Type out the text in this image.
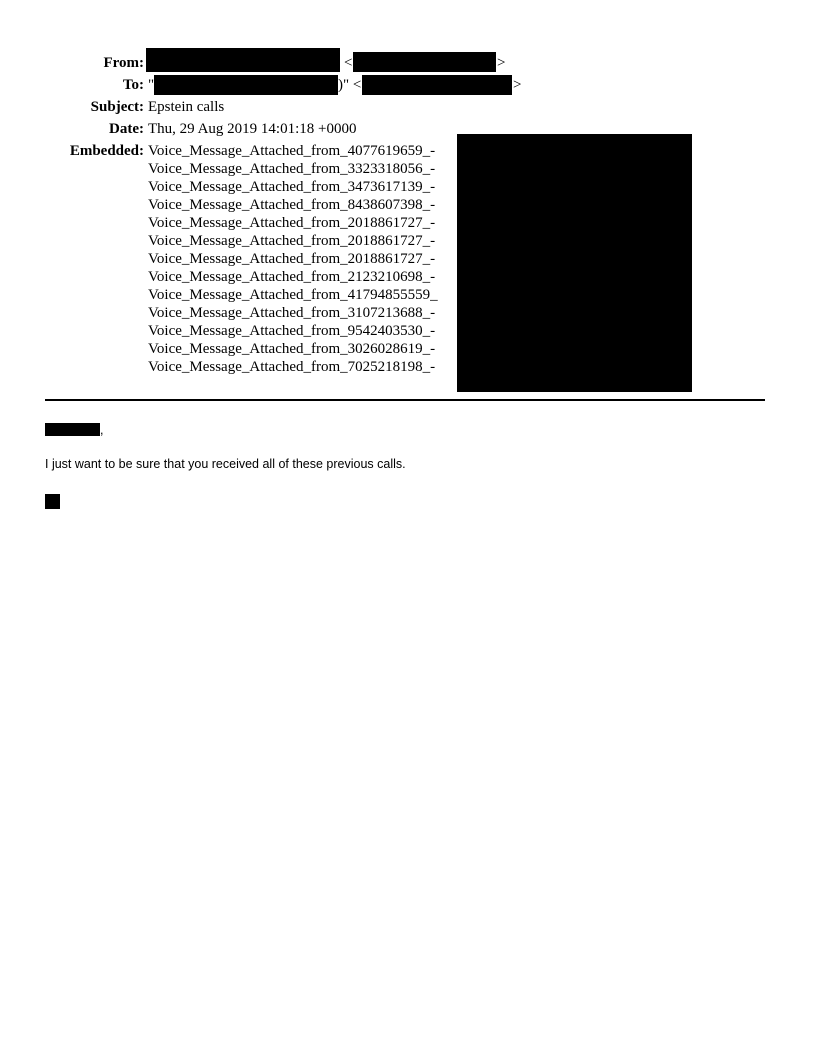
From:	<	>
To: "	)" <	>
Subject: Epstein calls
Date: Thu, 29 Aug 2019 14:01:18 +0000
Embedded: Voice_Message_Attached_from_4077619659_-
Voice_Message_Attached_from_3323318056_-
Voice_Message_Attached_from_3473617139_-
Voice_Message_Attached_from_8438607398_-
Voice_Message_Attached_from_2018861727_-
Voice_Message_Attached_from_2018861727_-
Voice_Message_Attached_from_2018861727_-
Voice_Message_Attached_from_2123210698_-
Voice_Message_Attached_from_41794855559_
Voice_Message_Attached_from_3107213688_-
Voice_Message_Attached_from_9542403530_-
Voice_Message_Attached_from_3026028619_-
Voice_Message_Attached_from_7025218198_-
,
I just want to be sure that you received all of these previous calls.
